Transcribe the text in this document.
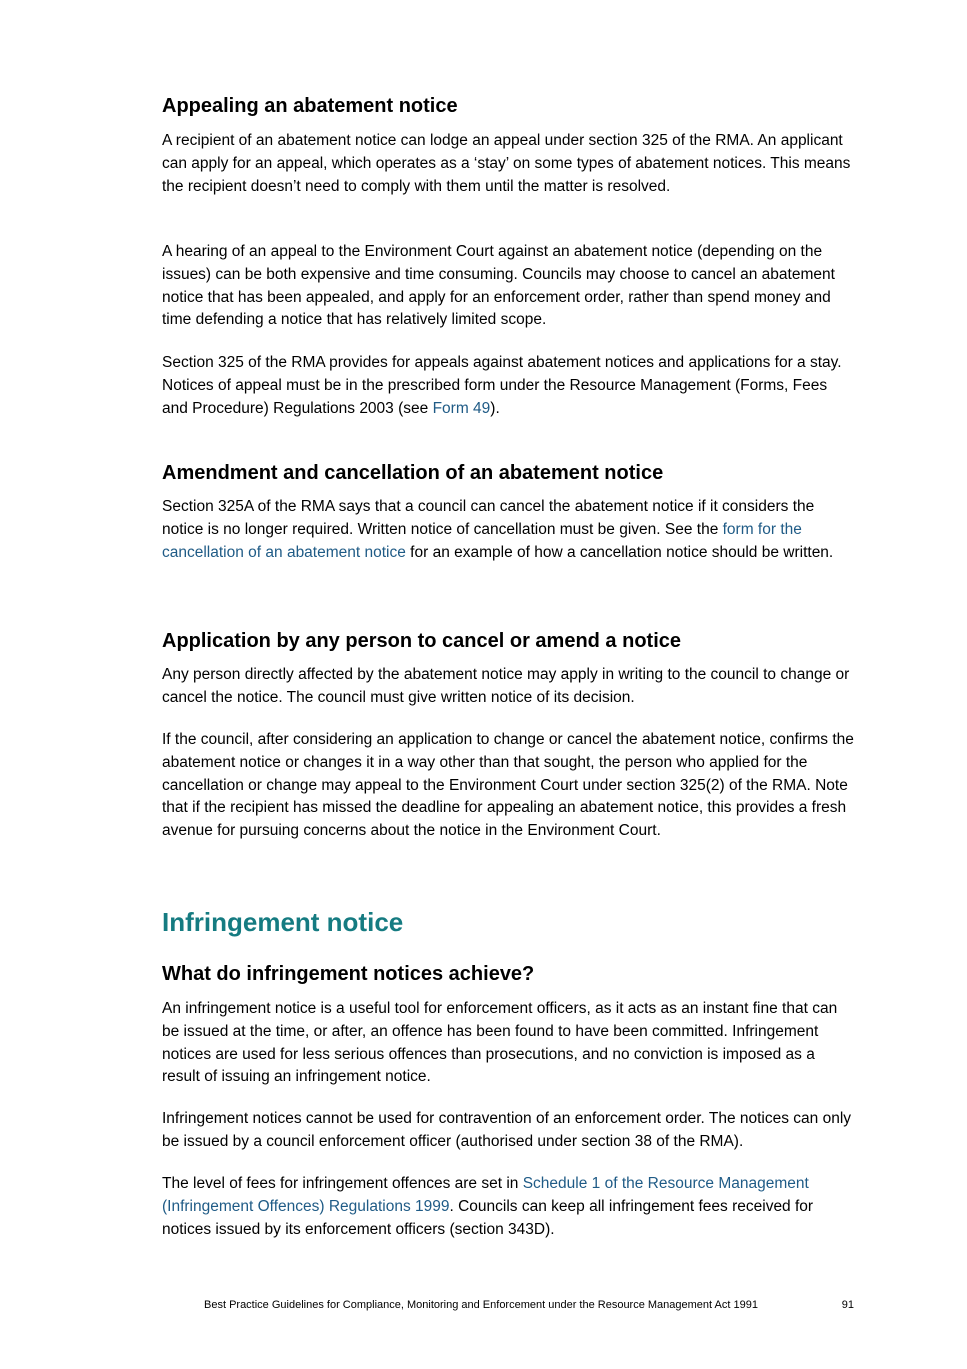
Appealing an abatement notice

A recipient of an abatement notice can lodge an appeal under section 325 of the RMA. An applicant can apply for an appeal, which operates as a ‘stay’ on some types of abatement notices. This means the recipient doesn’t need to comply with them until the matter is resolved.

A hearing of an appeal to the Environment Court against an abatement notice (depending on the issues) can be both expensive and time consuming. Councils may choose to cancel an abatement notice that has been appealed, and apply for an enforcement order, rather than spend money and time defending a notice that has relatively limited scope.

Section 325 of the RMA provides for appeals against abatement notices and applications for a stay. Notices of appeal must be in the prescribed form under the Resource Management (Forms, Fees and Procedure) Regulations 2003 (see Form 49).

Amendment and cancellation of an abatement notice

Section 325A of the RMA says that a council can cancel the abatement notice if it considers the notice is no longer required. Written notice of cancellation must be given. See the form for the cancellation of an abatement notice for an example of how a cancellation notice should be written.

Application by any person to cancel or amend a notice

Any person directly affected by the abatement notice may apply in writing to the council to change or cancel the notice. The council must give written notice of its decision.

If the council, after considering an application to change or cancel the abatement notice, confirms the abatement notice or changes it in a way other than that sought, the person who applied for the cancellation or change may appeal to the Environment Court under section 325(2) of the RMA. Note that if the recipient has missed the deadline for appealing an abatement notice, this provides a fresh avenue for pursuing concerns about the notice in the Environment Court.

Infringement notice
What do infringement notices achieve?

An infringement notice is a useful tool for enforcement officers, as it acts as an instant fine that can be issued at the time, or after, an offence has been found to have been committed. Infringement notices are used for less serious offences than prosecutions, and no conviction is imposed as a result of issuing an infringement notice.

Infringement notices cannot be used for contravention of an enforcement order. The notices can only be issued by a council enforcement officer (authorised under section 38 of the RMA).

The level of fees for infringement offences are set in Schedule 1 of the Resource Management (Infringement Offences) Regulations 1999. Councils can keep all infringement fees received for notices issued by its enforcement officers (section 343D).

Best Practice Guidelines for Compliance, Monitoring and Enforcement under the Resource Management Act 1991	91
